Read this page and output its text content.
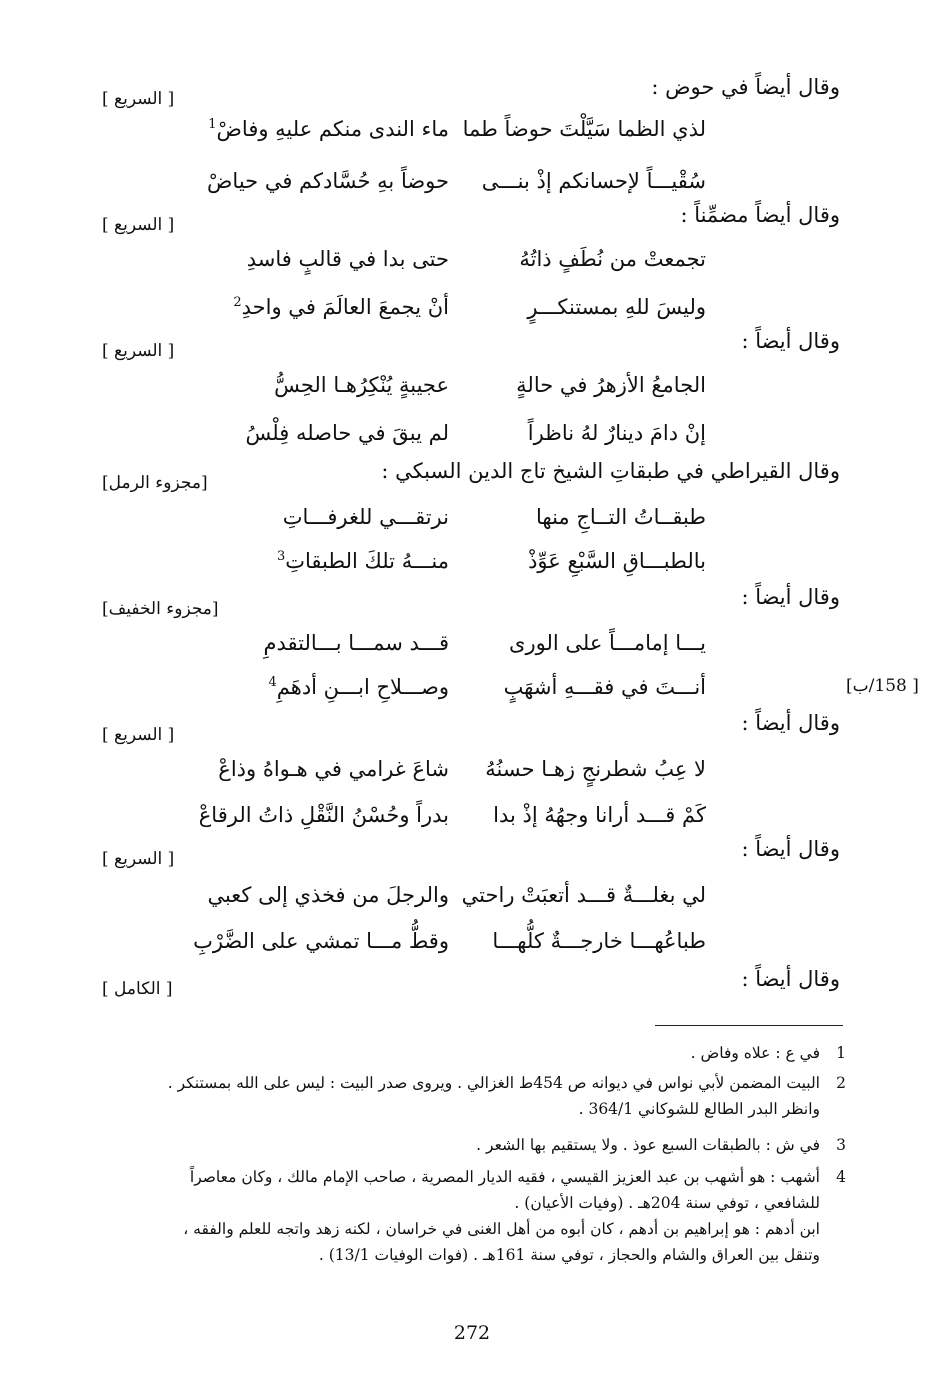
وقال أيضاً في حوض :
[ السريع ]
لذي الظما سَيَّلْتَ حوضاً طما
ماء الندى منكم عليهِ وفاضْ$^1$
سُقْيـــاً لإحسانكم إذْ بنـــى
حوضاً بهِ حُسَّادكم في حياضْ
وقال أيضاً مضمِّناً :
[ السريع ]
تجمعتْ من نُطَفٍ ذاتُهُ
حتى بدا في قالبٍ فاسدِ
وليسَ للهِ بمستنكـــرٍ
أنْ يجمعَ العالَمَ في واحدِ$^2$
وقال أيضاً :
[ السريع ]
الجامعُ الأزهرُ في حالةٍ
عجيبةٍ يُنْكِرُهـا الحِسُّ
إنْ دامَ دينارٌ لهُ ناظراً
لم يبقَ في حاصله فِلْسُ
وقال القيراطي في طبقاتِ الشيخ تاج الدين السبكي :
[مجزوء الرمل]
طبقــاتُ التــاجِ منها
نرتقـــي للغرفـــاتِ
بالطبـــاقِ السَّبْعِ عَوِّذْ
منـــهُ تلكَ الطبقاتِ$^3$
وقال أيضاً :
[مجزوء الخفيف]
يـــا إمامـــاً على الورى
قـــد سمـــا بـــالتقدمِ
أنـــتَ في فقـــهِ أشهَبٍ
وصـــلاحِ ابـــنِ أدهَمِ$^4$	[ 158/ب]
وقال أيضاً :
[ السريع ]
لا عِبُ شطرنجٍ زهـا حسنُهُ
شاعَ غرامي في هـواهُ وذاعْ
كَمْ قـــد أرانا وجهُهُ إذْ بدا
بدراً وحُسْنُ النَّقْلِ ذاتُ الرقاعْ
وقال أيضاً :
[ السريع ]
لي بغلـــةٌ قـــد أتعبَتْ راحتي
والرجلَ من فخذي إلى كعبي
طباعُهـــا خارجـــةٌ كلُّهـــا
وقطُّ مـــا تمشي على الضَّرْبِ
وقال أيضاً :
[ الكامل ]
1
في ع : علاه وفاض .
2
البيت المضمن لأبي نواس في ديوانه ص 454ط الغزالي . ويروى صدر البيت : ليس على الله بمستنكر .
وانظر البدر الطالع للشوكاني 364/1 .
3
في ش : بالطبقات السبع عوذ . ولا يستقيم بها الشعر .
4
أشهب : هو أشهب بن عبد العزيز القيسي ، فقيه الديار المصرية ، صاحب الإمام مالك ، وكان معاصراً
للشافعي ، توفي سنة 204هـ . (وفيات الأعيان) .
ابن أدهم : هو إبراهيم بن أدهم ، كان أبوه من أهل الغنى في خراسان ، لكنه زهد واتجه للعلم والفقه ،
وتنقل بين العراق والشام والحجاز ، توفي سنة 161هـ . (فوات الوفيات 13/1) .
272
